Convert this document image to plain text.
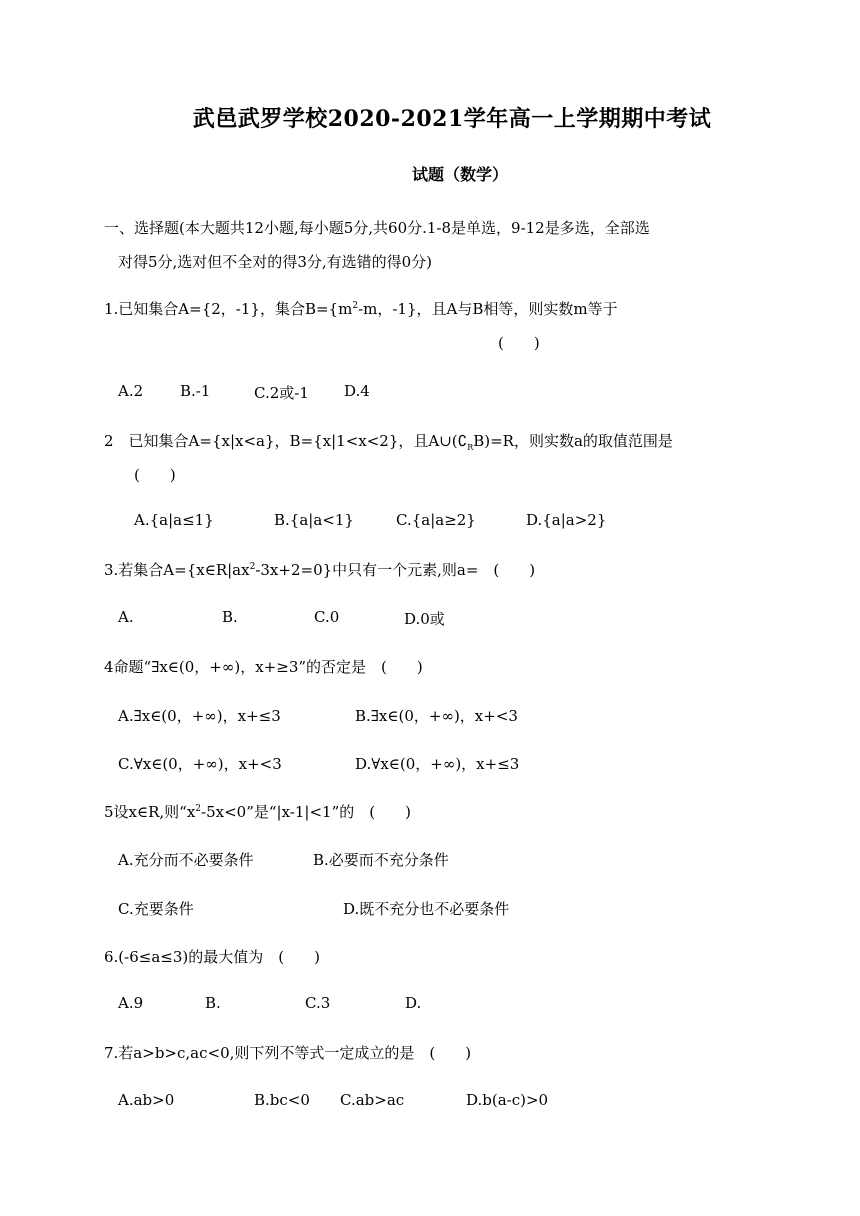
武邑武罗学校2020-2021学年高一上学期期中考试
试题（数学）
一、选择题(本大题共12小题,每小题5分,共60分.1-8是单选，9-12是多选，全部选
对得5分,选对但不全对的得3分,有选错的得0分)
1.已知集合A={2，-1}，集合$B=\{m^2-m$，-1}，且A与B相等，则实数m等于
(　　)
A.2 B.-1	C.2或-1 D.4
2　已知集合A={x|x<a}，B={x|1<x<2}，且$A\cup(∁_RB)=R$，则实数a的取值范围是
(　　)
A.{a|a≤1}	B.{a|a<1}	C.{a|a≥2}	D.{a|a>2}
3.若集合$A=\{x\in R|ax^2-3x+2=0\}$中只有一个元素,则a=　(　　)
A.	B.	C.0	D.0或
4命题“∃x∈(0，+∞)，x+≥3”的否定是　(　　)
A.∃x∈(0，+∞)，x+≤3	B.∃x∈(0，+∞)，x+<3
C.∀x∈(0，+∞)，x+<3	D.∀x∈(0，+∞)，x+≤3
5设x∈R,则“$x^2-5x<0$”是“|x-1|<1”的　(　　)
A.充分而不必要条件	B.必要而不充分条件
C.充要条件	D.既不充分也不必要条件
6.(-6≤a≤3)的最大值为　(　　)
A.9	B.	C.3	D.
7.若a>b>c,ac<0,则下列不等式一定成立的是　(　　)
A.ab>0	B.bc<0 C.ab>ac	D.b(a-c)>0
